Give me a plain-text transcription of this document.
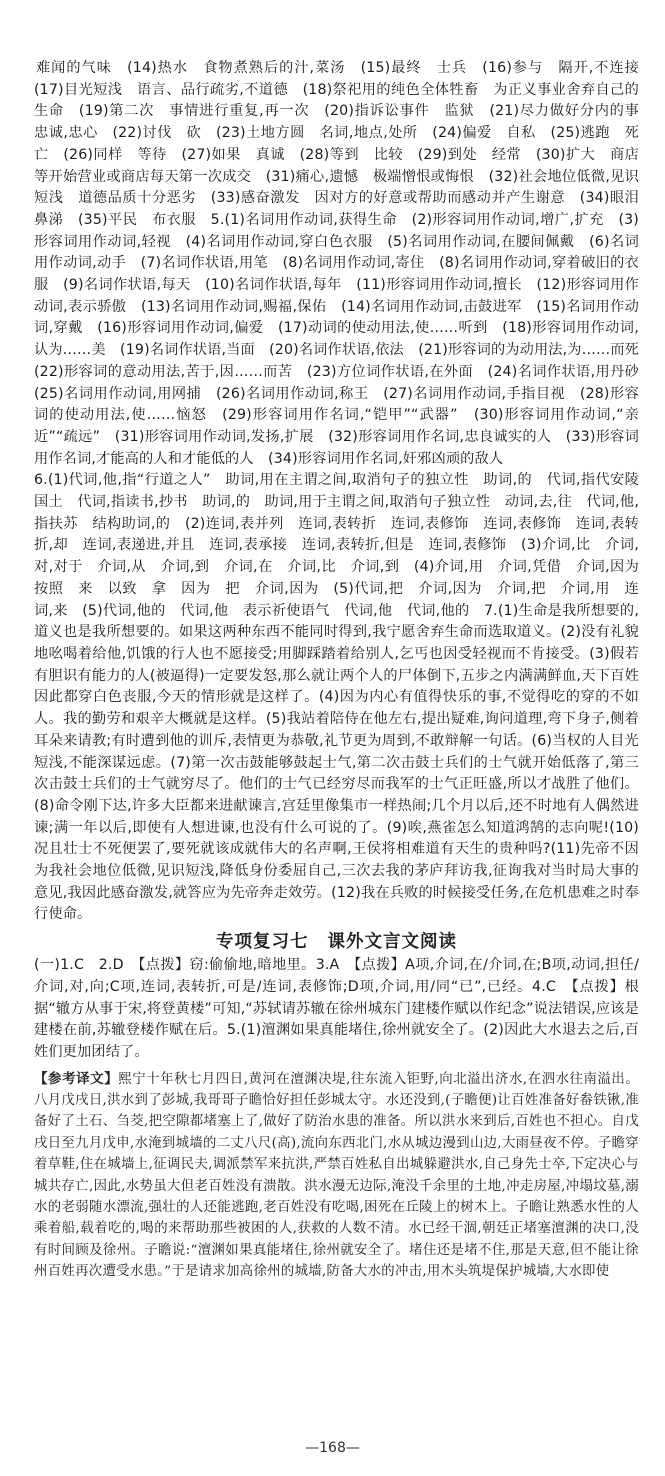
难闻的气味　(14)热水　食物煮熟后的汁,菜汤　(15)最终　士兵　(16)参与　隔开,不连接　(17)目光短浅　语言、品行疏劣,不道德　(18)祭祀用的纯色全体牲畜　为正义事业舍弃自己的生命　(19)第二次　事情进行重复,再一次　(20)指诉讼事件　监狱　(21)尽力做好分内的事　忠诚,忠心　(22)讨伐　砍　(23)土地方圆　名词,地点,处所　(24)偏爱　自私　(25)逃跑　死亡　(26)同样　等待　(27)如果　真诚　(28)等到　比较　(29)到处　经常　(30)扩大　商店等开始营业或商店每天第一次成交　(31)痛心,遗憾　极端憎恨或悔恨　(32)社会地位低微,见识短浅　道德品质十分恶劣　(33)感奋激发　因对方的好意或帮助而感动并产生谢意　(34)眼泪　鼻涕　(35)平民　布衣服　5.(1)名词用作动词,获得生命　(2)形容词用作动词,增广,扩充　(3)形容词用作动词,轻视　(4)名词用作动词,穿白色衣服　(5)名词用作动词,在腰间佩戴　(6)名词用作动词,动手　(7)名词作状语,用笔　(8)名词用作动词,寄住　(8)名词用作动词,穿着破旧的衣服　(9)名词作状语,每天　(10)名词作状语,每年　(11)形容词用作动词,擅长　(12)形容词用作动词,表示骄傲　(13)名词用作动词,赐福,保佑　(14)名词用作动词,击鼓进军　(15)名词用作动词,穿戴　(16)形容词用作动词,偏爱　(17)动词的使动用法,使……听到　(18)形容词用作动词,认为……美　(19)名词作状语,当面　(20)名词作状语,依法　(21)形容词的为动用法,为……而死　(22)形容词的意动用法,苦于,因……而苦　(23)方位词作状语,在外面　(24)名词作状语,用丹砂　(25)名词用作动词,用网捕　(26)名词用作动词,称王　(27)名词用作动词,手指目视　(28)形容词的使动用法,使……恼怒　(29)形容词用作名词,“铠甲”“武器”　(30)形容词用作动词,“亲近”“疏远”　(31)形容词用作动词,发扬,扩展　(32)形容词用作名词,忠良诚实的人　(33)形容词用作名词,才能高的人和才能低的人　(34)形容词用作名词,奸邪凶顽的敌人

6.(1)代词,他,指“行道之人”　助词,用在主谓之间,取消句子的独立性　助词,的　代词,指代安陵国土　代词,指读书,抄书　助词,的　助词,用于主谓之间,取消句子独立性　动词,去,往　代词,他,指扶苏　结构助词,的　(2)连词,表并列　连词,表转折　连词,表修饰　连词,表修饰　连词,表转折,却　连词,表递进,并且　连词,表承接　连词,表转折,但是　连词,表修饰　(3)介词,比　介词,对,对于　介词,从　介词,到　介词,在　介词,比　介词,到　(4)介词,用　介词,凭借　介词,因为　按照　来　以致　拿　因为　把　介词,因为　(5)代词,把　介词,因为　介词,把　介词,用　连词,来　(5)代词,他的　代词,他　表示祈使语气　代词,他　代词,他的　7.(1)生命是我所想要的,道义也是我所想要的。如果这两种东西不能同时得到,我宁愿舍弃生命而选取道义。(2)没有礼貌地吆喝着给他,饥饿的行人也不愿接受;用脚踩踏着给别人,乞丐也因受轻视而不肯接受。(3)假若有胆识有能力的人(被逼得)一定要发怒,那么就让两个人的尸体倒下,五步之内满满鲜血,天下百姓因此都穿白色丧服,今天的情形就是这样了。(4)因为内心有值得快乐的事,不觉得吃的穿的不如人。我的勤劳和艰辛大概就是这样。(5)我站着陪侍在他左右,提出疑难,询问道理,弯下身子,侧着耳朵来请教;有时遭到他的训斥,表情更为恭敬,礼节更为周到,不敢辩解一句话。(6)当权的人目光短浅,不能深谋远虑。(7)第一次击鼓能够鼓起士气,第二次击鼓士兵们的士气就开始低落了,第三次击鼓士兵们的士气就穷尽了。他们的士气已经穷尽而我军的士气正旺盛,所以才战胜了他们。(8)命令刚下达,许多大臣都来进献谏言,宫廷里像集市一样热闹;几个月以后,还不时地有人偶然进谏;满一年以后,即使有人想进谏,也没有什么可说的了。(9)唉,燕雀怎么知道鸿鹄的志向呢!(10)况且壮士不死便罢了,要死就该成就伟大的名声啊,王侯将相难道有天生的贵种吗?(11)先帝不因为我社会地位低微,见识短浅,降低身份委屈自己,三次去我的茅庐拜访我,征询我对当时局大事的意见,我因此感奋激发,就答应为先帝奔走效劳。(12)我在兵败的时候接受任务,在危机患难之时奉行使命。

专项复习七 课外文言文阅读

(一)1.C　2.D　【点拨】窃:偷偷地,暗地里。3.A　【点拨】A项,介词,在/介词,在;B项,动词,担任/介词,对,向;C项,连词,表转折,可是/连词,表修饰;D项,介词,用/同“已”,已经。4.C　【点拨】根据“辙方从事于宋,将登黄楼”可知,“苏轼请苏辙在徐州城东门建楼作赋以作纪念”说法错误,应该是建楼在前,苏辙登楼作赋在后。5.(1)澶渊如果真能堵住,徐州就安全了。(2)因此大水退去之后,百姓们更加团结了。

【参考译文】熙宁十年秋七月四日,黄河在澶渊决堤,往东流入钜野,向北溢出济水,在泗水往南溢出。八月戊戌日,洪水到了彭城,我哥哥子瞻恰好担任彭城太守。水还没到,(子瞻便)让百姓准备好畚铁锹,准备好了土石、刍茭,把空隙都堵塞上了,做好了防治水患的准备。所以洪水来到后,百姓也不担心。自戊戌日至九月戊申,水淹到城墙的二丈八尺(高),流向东西北门,水从城边漫到山边,大雨昼夜不停。子瞻穿着草鞋,住在城墙上,征调民夫,调派禁军来抗洪,严禁百姓私自出城躲避洪水,自己身先士卒,下定决心与城共存亡,因此,水势虽大但老百姓没有溃散。洪水漫无边际,淹没千余里的土地,冲走房屋,冲塌坟墓,溺水的老弱随水漂流,强壮的人还能逃跑,老百姓没有吃喝,困死在丘陵上的树木上。子瞻让熟悉水性的人乘着船,载着吃的,喝的来帮助那些被困的人,获救的人数不清。水已经干涸,朝廷正堵塞澶渊的决口,没有时间顾及徐州。子瞻说:“澶渊如果真能堵住,徐州就安全了。堵住还是堵不住,那是天意,但不能让徐州百姓再次遭受水患。”于是请求加高徐州的城墙,防备大水的冲击,用木头筑堤保护城墙,大水即使
—168—
